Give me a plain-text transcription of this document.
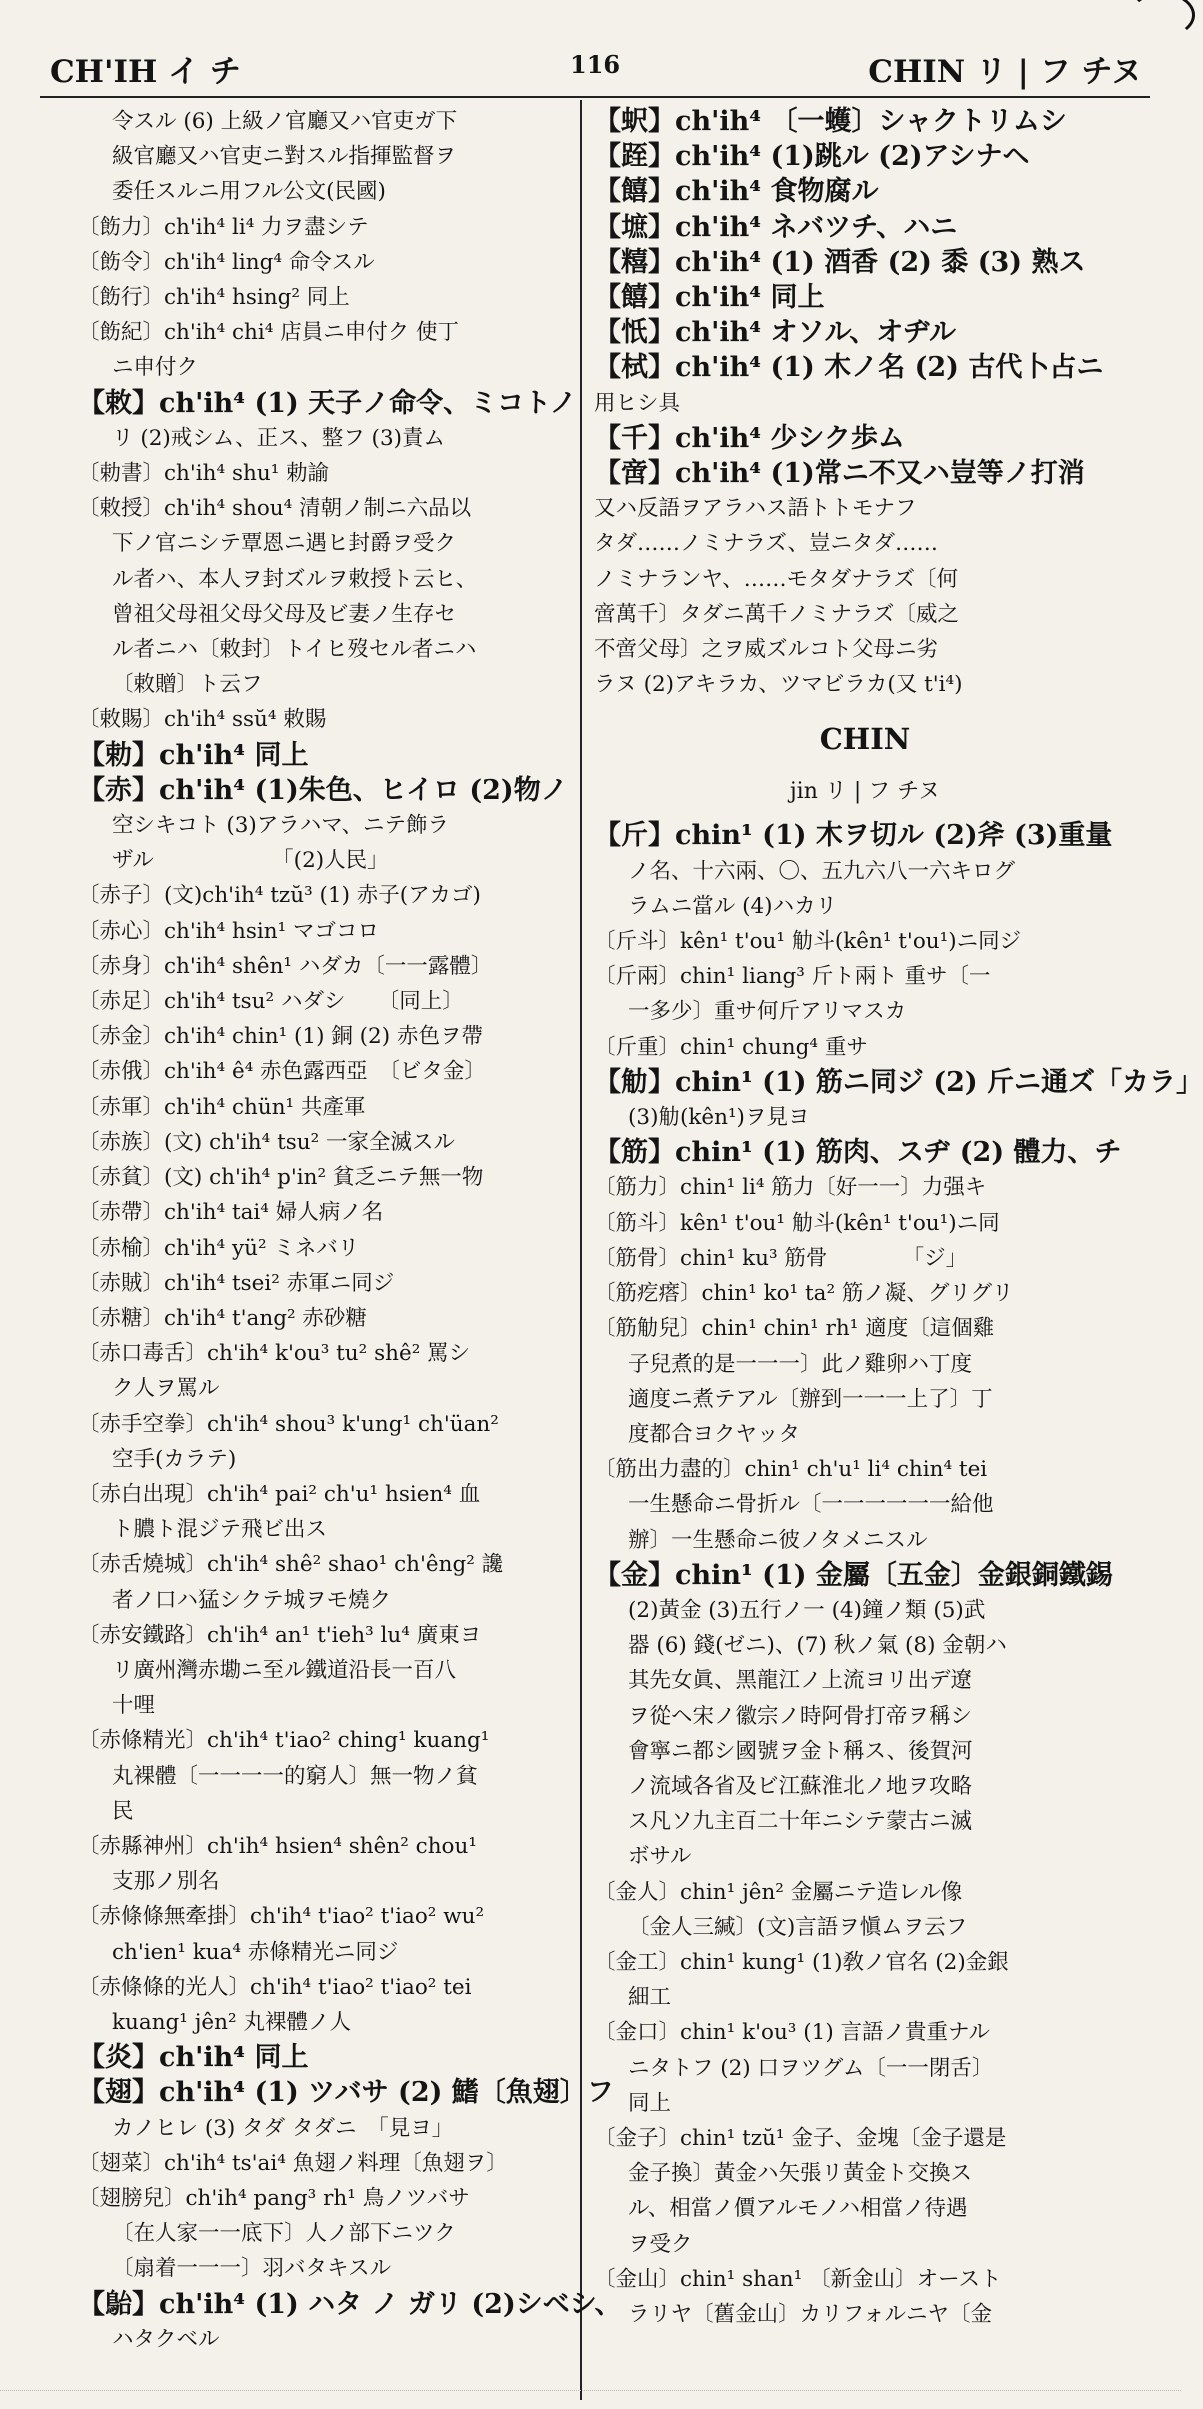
CH'IH イ チ	116	CHIN リ | フ チヌ
令スル (6) 上級ノ官廳又ハ官吏ガ下
級官廳又ハ官吏ニ對スル指揮監督ヲ
委任スルニ用フル公文(民國)
〔飭力〕ch'ih⁴ li⁴ 力ヲ盡シテ
〔飭令〕ch'ih⁴ ling⁴ 命令スル
〔飭行〕ch'ih⁴ hsing² 同上
〔飭紀〕ch'ih⁴ chi⁴ 店員ニ申付ク 使丁
ニ申付ク
【敕】ch'ih⁴ (1) 天子ノ命令、ミコトノ
リ (2)戒シム、正ス、整フ (3)責ム
〔勅書〕ch'ih⁴ shu¹ 勅諭
〔敕授〕ch'ih⁴ shou⁴ 清朝ノ制ニ六品以
下ノ官ニシテ覃恩ニ遇ヒ封爵ヲ受ク
ル者ハ、本人ヲ封ズルヲ敕授ト云ヒ、
曾祖父母祖父母父母及ビ妻ノ生存セ
ル者ニハ〔敕封〕トイヒ歿セル者ニハ
〔敕贈〕ト云フ
〔敕賜〕ch'ih⁴ ssŭ⁴ 敕賜
【勅】ch'ih⁴ 同上
【赤】ch'ih⁴ (1)朱色、ヒイロ (2)物ノ
空シキコト (3)アラハマ、ニテ飾ラ
ザル　　　　　　「(2)人民」
〔赤子〕(文)ch'ih⁴ tzŭ³ (1) 赤子(アカゴ)
〔赤心〕ch'ih⁴ hsin¹ マゴコロ
〔赤身〕ch'ih⁴ shên¹ ハダカ〔一一露體〕
〔赤足〕ch'ih⁴ tsu² ハダシ　　〔同上〕
〔赤金〕ch'ih⁴ chin¹ (1) 銅 (2) 赤色ヲ帶
〔赤俄〕ch'ih⁴ ê⁴ 赤色露西亞　〔ビタ金〕
〔赤軍〕ch'ih⁴ chün¹ 共產軍
〔赤族〕(文) ch'ih⁴ tsu² 一家全滅スル
〔赤貧〕(文) ch'ih⁴ p'in² 貧乏ニテ無一物
〔赤帶〕ch'ih⁴ tai⁴ 婦人病ノ名
〔赤榆〕ch'ih⁴ yü² ミネバリ
〔赤賊〕ch'ih⁴ tsei² 赤軍ニ同ジ
〔赤糖〕ch'ih⁴ t'ang² 赤砂糖
〔赤口毒舌〕ch'ih⁴ k'ou³ tu² shê² 罵シ
ク人ヲ罵ル
〔赤手空拳〕ch'ih⁴ shou³ k'ung¹ ch'üan²
空手(カラテ)
〔赤白出現〕ch'ih⁴ pai² ch'u¹ hsien⁴ 血
ト膿ト混ジテ飛ビ出ス
〔赤舌燒城〕ch'ih⁴ shê² shao¹ ch'êng² 讒
者ノ口ハ猛シクテ城ヲモ燒ク
〔赤安鐵路〕ch'ih⁴ an¹ t'ieh³ lu⁴ 廣東ヨ
リ廣州灣赤墈ニ至ル鐵道沿長一百八
十哩
〔赤條精光〕ch'ih⁴ t'iao² ching¹ kuang¹
丸裸體〔一一一一的窮人〕無一物ノ貧
民
〔赤縣神州〕ch'ih⁴ hsien⁴ shên² chou¹
支那ノ別名
〔赤條條無牽掛〕ch'ih⁴ t'iao² t'iao² wu²
ch'ien¹ kua⁴ 赤條精光ニ同ジ
〔赤條條的光人〕ch'ih⁴ t'iao² t'iao² tei
kuang¹ jên² 丸裸體ノ人
【炎】ch'ih⁴ 同上
【翅】ch'ih⁴ (1) ツバサ (2) 鰭〔魚翅〕フ
カノヒレ (3) タダ タダニ　「見ヨ」
〔翅菜〕ch'ih⁴ ts'ai⁴ 魚翅ノ料理〔魚翅ヲ〕
〔翅膀兒〕ch'ih⁴ pang³ rh¹ 鳥ノツバサ
〔在人家一一底下〕人ノ部下ニツク
〔扇着一一一〕羽バタキスル
【𩿡】ch'ih⁴ (1) ハタ ノ ガリ (2)シベシ、
ハタクベル
【蚇】ch'ih⁴ 〔一蠖〕シャクトリムシ
【跮】ch'ih⁴ (1)跳ル (2)アシナヘ
【饎】ch'ih⁴ 食物腐ル
【墌】ch'ih⁴ ネバツチ、ハニ
【糦】ch'ih⁴ (1) 酒香 (2) 黍 (3) 熟ス
【饎】ch'ih⁴ 同上
【忯】ch'ih⁴ オソル、オヂル
【栻】ch'ih⁴ (1) 木ノ名 (2) 古代卜占ニ
用ヒシ具
【千】ch'ih⁴ 少シク歩ム
【啻】ch'ih⁴ (1)常ニ不又ハ豈等ノ打消
又ハ反語ヲアラハス語トトモナフ
タダ……ノミナラズ、豈ニタダ……
ノミナランヤ、……モタダナラズ〔何
啻萬千〕タダニ萬千ノミナラズ〔威之
不啻父母〕之ヲ威ズルコト父母ニ劣
ラヌ (2)アキラカ、ツマビラカ(又 t'i⁴)
CHIN
jin リ | フ チヌ
【斤】chin¹ (1) 木ヲ切ル (2)斧 (3)重量
ノ名、十六兩、〇、五九六八一六キログ
ラムニ當ル (4)ハカリ
〔斤斗〕kên¹ t'ou¹ 觔斗(kên¹ t'ou¹)ニ同ジ
〔斤兩〕chin¹ liang³ 斤ト兩ト 重サ〔一
一多少〕重サ何斤アリマスカ
〔斤重〕chin¹ chung⁴ 重サ
【觔】chin¹ (1) 筋ニ同ジ (2) 斤ニ通ズ「カラ」
(3)觔(kên¹)ヲ見ヨ
【筋】chin¹ (1) 筋肉、スヂ (2) 體力、チ
〔筋力〕chin¹ li⁴ 筋力〔好一一〕力强キ
〔筋斗〕kên¹ t'ou¹ 觔斗(kên¹ t'ou¹)ニ同
〔筋骨〕chin¹ ku³ 筋骨　　　　「ジ」
〔筋疙瘩〕chin¹ ko¹ ta² 筋ノ凝、グリグリ
〔筋觔兒〕chin¹ chin¹ rh¹ 適度〔這個雞
子兒煮的是一一一〕此ノ雞卵ハ丁度
適度ニ煮テアル〔辦到一一一上了〕丁
度都合ヨクヤッタ
〔筋出力盡的〕chin¹ ch'u¹ li⁴ chin⁴ tei
一生懸命ニ骨折ル〔一一一一一一給他
辦〕一生懸命ニ彼ノタメニスル
【金】chin¹ (1) 金屬〔五金〕金銀銅鐵錫
(2)黃金 (3)五行ノ一 (4)鐘ノ類 (5)武
器 (6) 錢(ゼニ)、(7) 秋ノ氣 (8) 金朝ハ
其先女眞、黑龍江ノ上流ヨリ出デ遼
ヲ從ヘ宋ノ徽宗ノ時阿骨打帝ヲ稱シ
會寧ニ都シ國號ヲ金ト稱ス、後賀河
ノ流域各省及ビ江蘇淮北ノ地ヲ攻略
ス凡ソ九主百二十年ニシテ蒙古ニ滅
ボサル
〔金人〕chin¹ jên² 金屬ニテ造レル像
〔金人三緘〕(文)言語ヲ愼ムヲ云フ
〔金工〕chin¹ kung¹ (1)敎ノ官名 (2)金銀
細工
〔金口〕chin¹ k'ou³ (1) 言語ノ貴重ナル
ニタトフ (2) 口ヲツグム〔一一閉舌〕
同上
〔金子〕chin¹ tzŭ¹ 金子、金塊〔金子還是
金子換〕黃金ハ矢張リ黃金ト交換ス
ル、相當ノ價アルモノハ相當ノ待遇
ヲ受ク
〔金山〕chin¹ shan¹ 〔新金山〕オースト
ラリヤ〔舊金山〕カリフォルニヤ〔金
